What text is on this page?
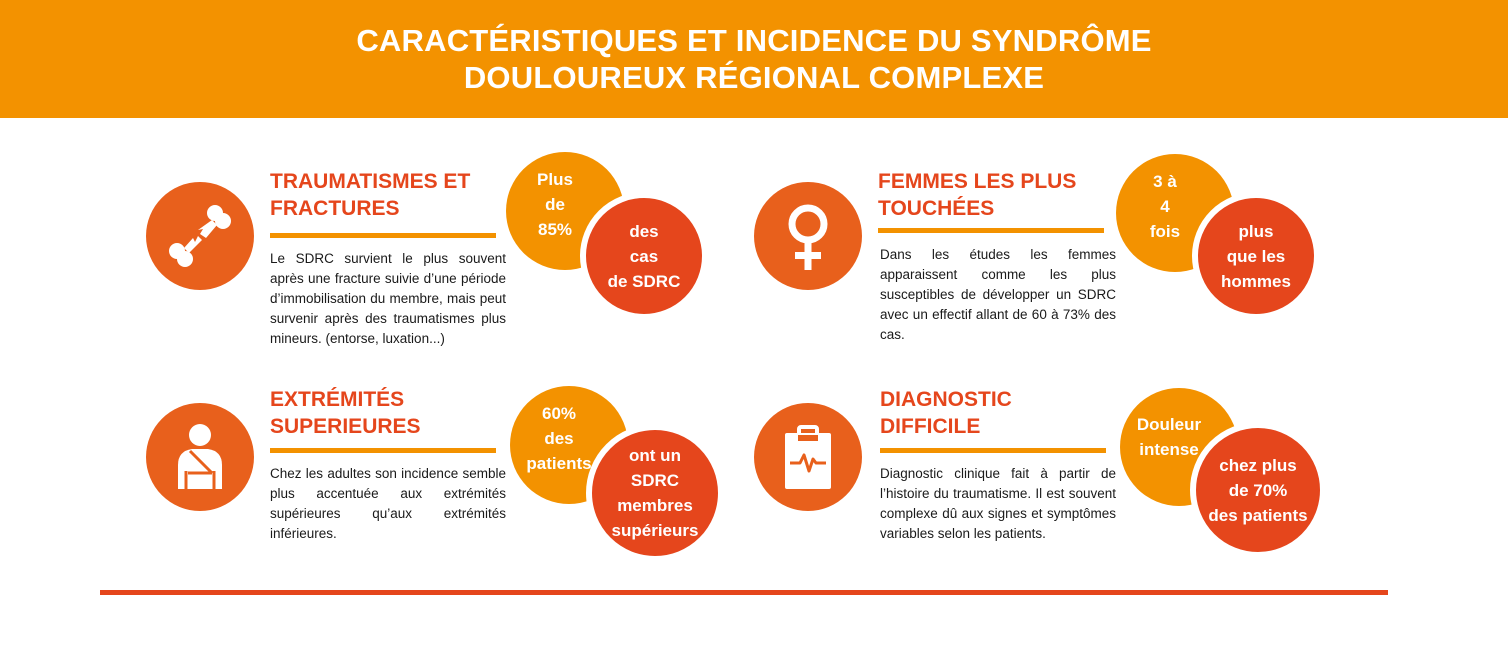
CARACTÉRISTIQUES ET INCIDENCE DU SYNDRÔME
DOULOUREUX RÉGIONAL COMPLEXE
TRAUMATISMES ET
FRACTURES
Le SDRC survient le plus souvent après une fracture suivie d’une période d’immobilisation du membre, mais peut survenir après des traumatismes plus mineurs. (entorse, luxation...)
Plus
de
85%	des
cas
de SDRC
FEMMES LES PLUS
TOUCHÉES
Dans les études les femmes apparaissent comme les plus susceptibles de développer un SDRC avec un effectif allant de 60 à 73% des cas.
3 à
4
fois	plus
que les
hommes
EXTRÉMITÉS
SUPERIEURES
Chez les adultes son incidence semble plus accentuée aux extrémités supérieures qu’aux extrémités inférieures.
60%
des
patients	ont un
SDRC
membres
supérieurs
DIAGNOSTIC
DIFFICILE
Diagnostic clinique fait à partir de l’histoire du traumatisme. Il est souvent complexe dû aux signes et symptômes variables selon les patients.
Douleur
intense
chez plus
de 70%
des patients
